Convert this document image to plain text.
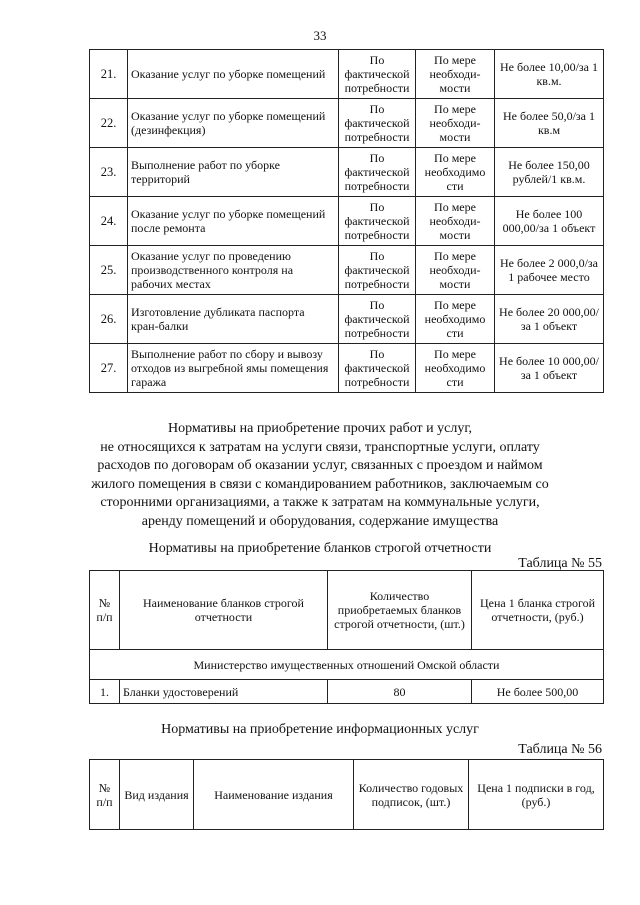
33
21.	Оказание услуг по уборке помещений	По фактической потребности	По мере необходи-мости	Не более 10,00/за 1 кв.м.
22.	Оказание услуг по уборке помещений (дезинфекция)	По фактической потребности	По мере необходи-мости	Не более 50,0/за 1 кв.м
23.	Выполнение работ по уборке территорий	По фактической потребности	По мере необходимо сти	Не более 150,00 рублей/1 кв.м.
24.	Оказание услуг по уборке помещений после ремонта	По фактической потребности	По мере необходи-мости	Не более 100 000,00/за 1 объект
25.	Оказание услуг по проведению производственного контроля на рабочих местах	По фактической потребности	По мере необходи-мости	Не более 2 000,0/за 1 рабочее место
26.	Изготовление дубликата паспорта кран-балки	По фактической потребности	По мере необходимо сти	Не более 20 000,00/за 1 объект
27.	Выполнение работ по сбору и вывозу отходов из выгребной ямы помещения гаража	По фактической потребности	По мере необходимо сти	Не более 10 000,00/за 1 объект
Нормативы на приобретение прочих работ и услуг,
не относящихся к затратам на услуги связи, транспортные услуги, оплату
расходов по договорам об оказании услуг, связанных с проездом и наймом
жилого помещения в связи с командированием работников, заключаемым со
сторонними организациями, а также к затратам на коммунальные услуги,
аренду помещений и оборудования, содержание имущества
Нормативы на приобретение бланков строгой отчетности
Таблица № 55
№ п/п	Наименование бланков строгой отчетности	Количество приобретаемых бланков строгой отчетности, (шт.)	Цена 1 бланка строгой отчетности, (руб.)
Министерство имущественных отношений Омской области			
1.	Бланки удостоверений	80	Не более 500,00
Нормативы на приобретение информационных услуг
Таблица № 56
№ п/п	Вид издания	Наименование издания	Количество годовых подписок, (шт.)	Цена 1 подписки в год, (руб.)
